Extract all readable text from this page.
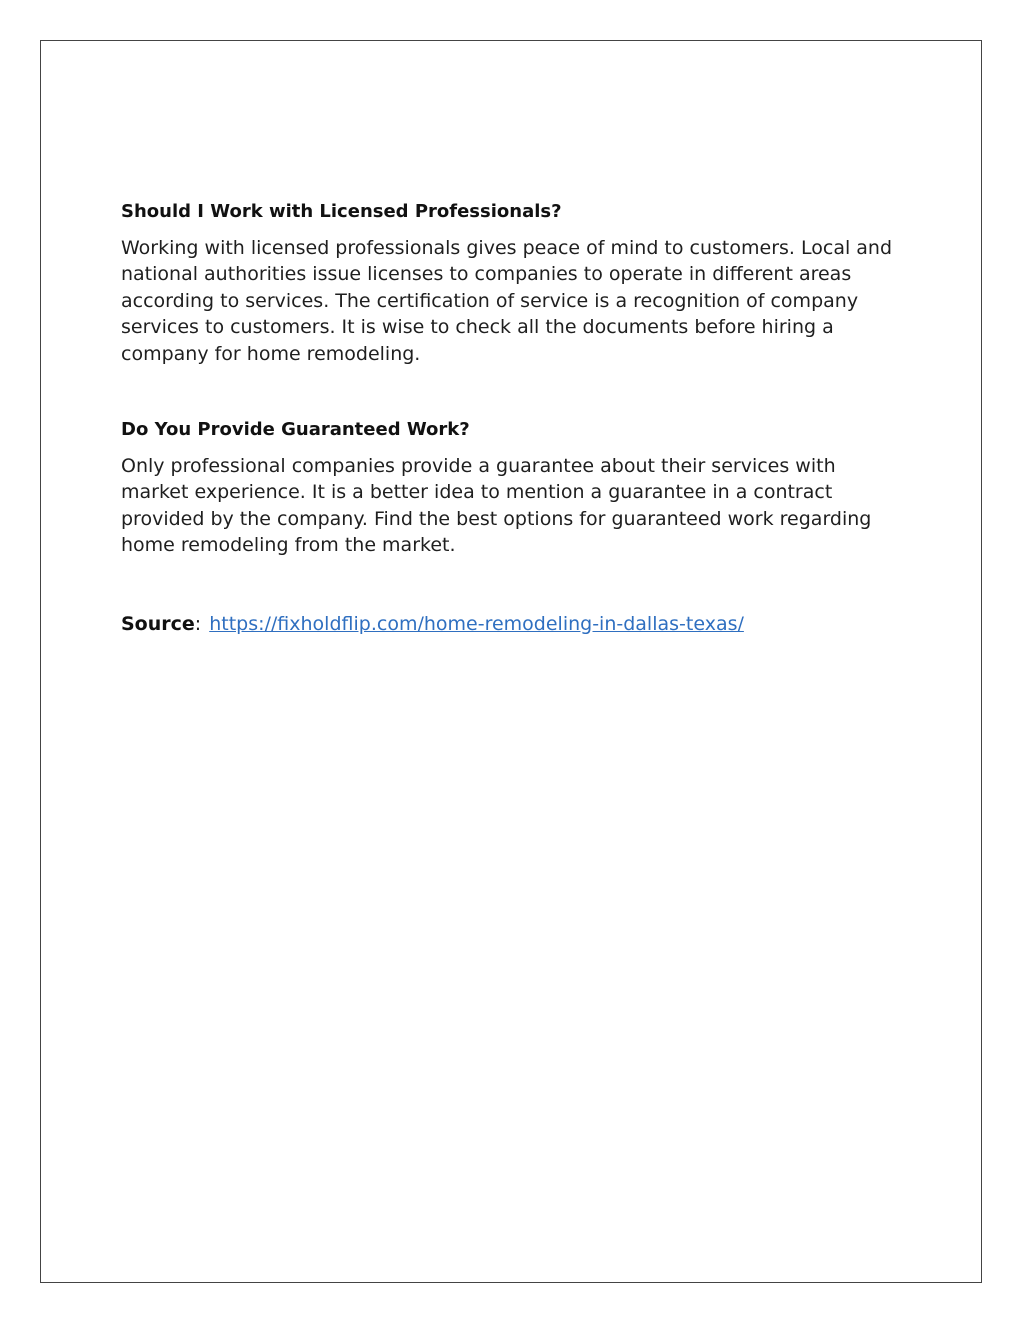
Should I Work with Licensed Professionals?

Working with licensed professionals gives peace of mind to customers. Local and national authorities issue licenses to companies to operate in different areas according to services. The certification of service is a recognition of company services to customers. It is wise to check all the documents before hiring a company for home remodeling.

Do You Provide Guaranteed Work?

Only professional companies provide a guarantee about their services with market experience. It is a better idea to mention a guarantee in a contract provided by the company. Find the best options for guaranteed work regarding home remodeling from the market.

Source: https://fixholdflip.com/home-remodeling-in-dallas-texas/
